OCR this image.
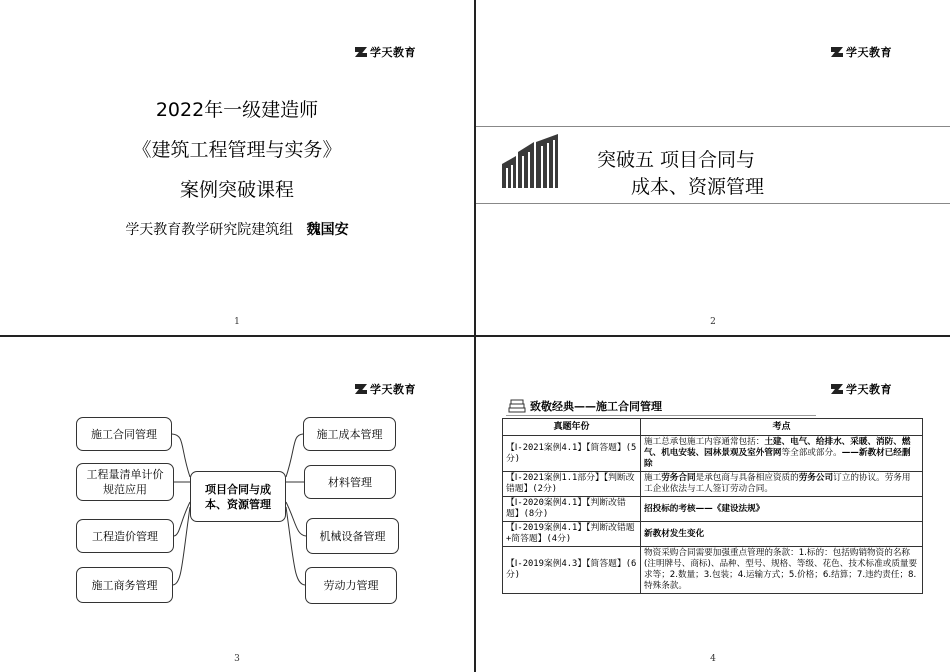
学天教育
2022年一级建造师
《建筑工程管理与实务》
案例突破课程
学天教育教学研究院建筑组 魏国安
1
学天教育
突破五 项目合同与
成本、资源管理
2
学天教育
项目合同与成本、资源管理
施工合同管理
工程量清单计价规范应用
工程造价管理
施工商务管理
施工成本管理
材料管理
机械设备管理
劳动力管理
3
学天教育
致敬经典——施工合同管理
真题年份	考点
【Ⅰ-2021案例4.1】【简答题】(5分)	施工总承包施工内容通常包括：土建、电气、给排水、采暖、消防、燃气、机电安装、园林景观及室外管网等全部或部分。——新教材已经删除
【Ⅰ-2021案例1.1部分】【判断改错题】(2分)	施工劳务合同是承包商与具备相应资质的劳务公司订立的协议。劳务用工企业依法与工人签订劳动合同。
【Ⅰ-2020案例4.1】【判断改错题】(8分)	招投标的考核——《建设法规》
【Ⅰ-2019案例4.1】【判断改错题+简答题】(4分)	新教材发生变化
【Ⅰ-2019案例4.3】【简答题】(6分)	物资采购合同需要加强重点管理的条款：1.标的：包括购销物资的名称(注明牌号、商标)、品种、型号、规格、等级、花色、技术标准或质量要求等；2.数量；3.包装；4.运输方式；5.价格；6.结算；7.违约责任；8.特殊条款。
4
